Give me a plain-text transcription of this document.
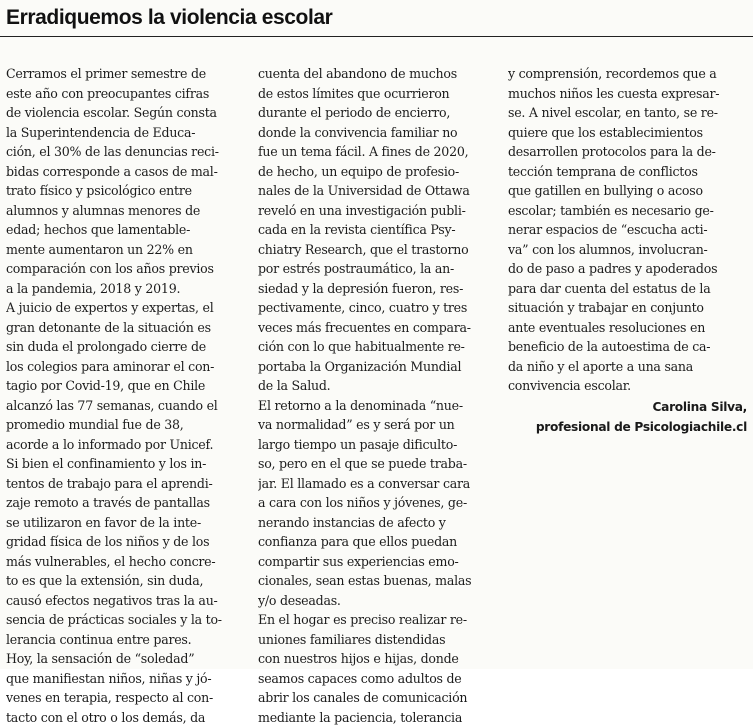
Erradiquemos la violencia escolar
Cerramos el primer semestre de
este año con preocupantes cifras
de violencia escolar. Según consta
la Superintendencia de Educa-
ción, el 30% de las denuncias reci-
bidas corresponde a casos de mal-
trato físico y psicológico entre
alumnos y alumnas menores de
edad; hechos que lamentable-
mente aumentaron un 22% en
comparación con los años previos
a la pandemia, 2018 y 2019.
A juicio de expertos y expertas, el
gran detonante de la situación es
sin duda el prolongado cierre de
los colegios para aminorar el con-
tagio por Covid-19, que en Chile
alcanzó las 77 semanas, cuando el
promedio mundial fue de 38,
acorde a lo informado por Unicef.
Si bien el confinamiento y los in-
tentos de trabajo para el aprendi-
zaje remoto a través de pantallas
se utilizaron en favor de la inte-
gridad física de los niños y de los
más vulnerables, el hecho concre-
to es que la extensión, sin duda,
causó efectos negativos tras la au-
sencia de prácticas sociales y la to-
lerancia continua entre pares.
Hoy, la sensación de “soledad”
que manifiestan niños, niñas y jó-
venes en terapia, respecto al con-
tacto con el otro o los demás, da
cuenta del abandono de muchos
de estos límites que ocurrieron
durante el periodo de encierro,
donde la convivencia familiar no
fue un tema fácil. A fines de 2020,
de hecho, un equipo de profesio-
nales de la Universidad de Ottawa
reveló en una investigación publi-
cada en la revista científica Psy-
chiatry Research, que el trastorno
por estrés postraumático, la an-
siedad y la depresión fueron, res-
pectivamente, cinco, cuatro y tres
veces más frecuentes en compara-
ción con lo que habitualmente re-
portaba la Organización Mundial
de la Salud.
El retorno a la denominada “nue-
va normalidad” es y será por un
largo tiempo un pasaje dificulto-
so, pero en el que se puede traba-
jar. El llamado es a conversar cara
a cara con los niños y jóvenes, ge-
nerando instancias de afecto y
confianza para que ellos puedan
compartir sus experiencias emo-
cionales, sean estas buenas, malas
y/o deseadas.
En el hogar es preciso realizar re-
uniones familiares distendidas
con nuestros hijos e hijas, donde
seamos capaces como adultos de
abrir los canales de comunicación
mediante la paciencia, tolerancia
y comprensión, recordemos que a
muchos niños les cuesta expresar-
se. A nivel escolar, en tanto, se re-
quiere que los establecimientos
desarrollen protocolos para la de-
tección temprana de conflictos
que gatillen en bullying o acoso
escolar; también es necesario ge-
nerar espacios de “escucha acti-
va” con los alumnos, involucran-
do de paso a padres y apoderados
para dar cuenta del estatus de la
situación y trabajar en conjunto
ante eventuales resoluciones en
beneficio de la autoestima de ca-
da niño y el aporte a una sana
convivencia escolar.
Carolina Silva,
profesional de Psicologiachile.cl
